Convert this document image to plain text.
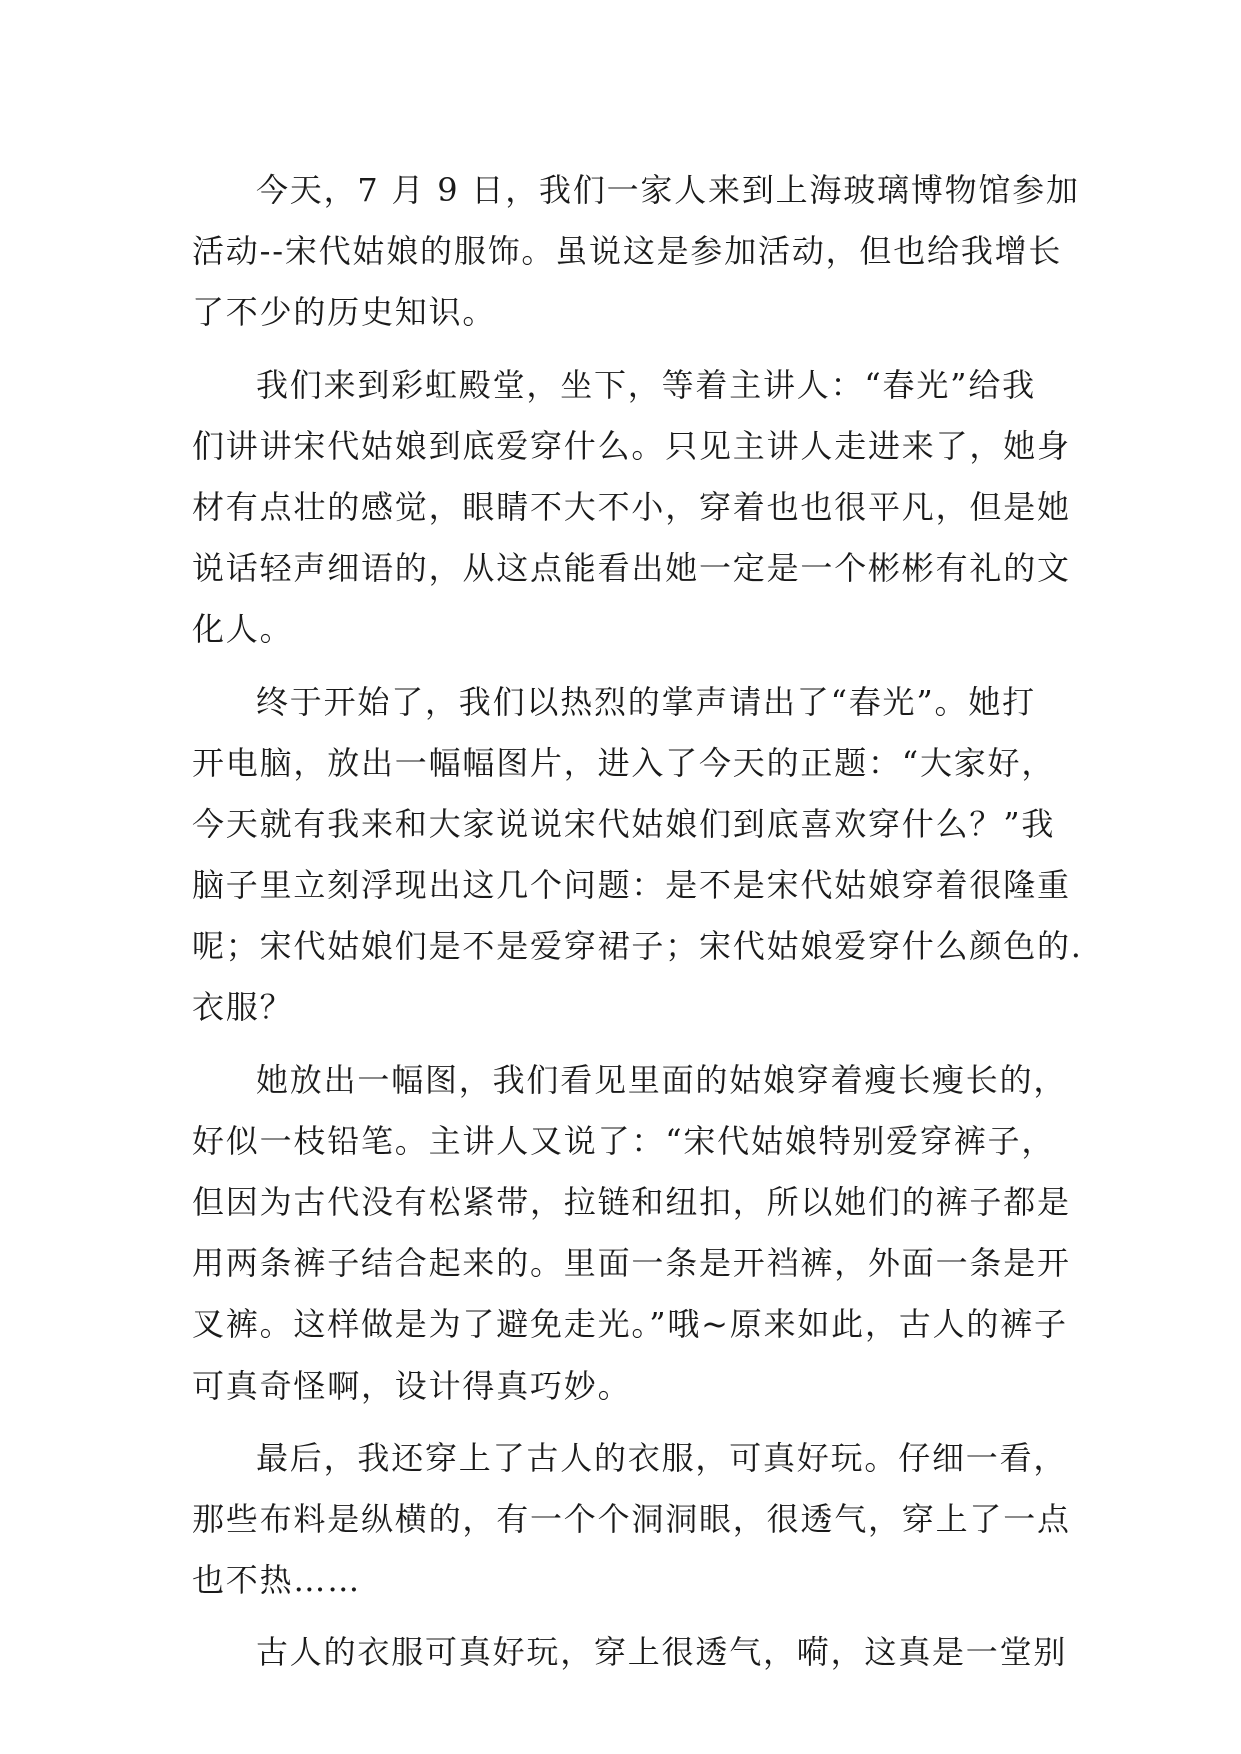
今天，7 月 9 日，我们一家人来到上海玻璃博物馆参加
活动--宋代姑娘的服饰。虽说这是参加活动，但也给我增长
了不少的历史知识。
我们来到彩虹殿堂，坐下，等着主讲人：“春光”给我
们讲讲宋代姑娘到底爱穿什么。只见主讲人走进来了，她身
材有点壮的感觉，眼睛不大不小，穿着也也很平凡，但是她
说话轻声细语的，从这点能看出她一定是一个彬彬有礼的文
化人。
终于开始了，我们以热烈的掌声请出了“春光”。她打
开电脑，放出一幅幅图片，进入了今天的正题：“大家好，
今天就有我来和大家说说宋代姑娘们到底喜欢穿什么？”我
脑子里立刻浮现出这几个问题：是不是宋代姑娘穿着很隆重
呢；宋代姑娘们是不是爱穿裙子；宋代姑娘爱穿什么颜色的.
衣服？
她放出一幅图，我们看见里面的姑娘穿着瘦长瘦长的，
好似一枝铅笔。主讲人又说了：“宋代姑娘特别爱穿裤子，
但因为古代没有松紧带，拉链和纽扣，所以她们的裤子都是
用两条裤子结合起来的。里面一条是开裆裤，外面一条是开
叉裤。这样做是为了避免走光。”哦~原来如此，古人的裤子
可真奇怪啊，设计得真巧妙。
最后，我还穿上了古人的衣服，可真好玩。仔细一看，
那些布料是纵横的，有一个个洞洞眼，很透气，穿上了一点
也不热……
古人的衣服可真好玩，穿上很透气，嗬，这真是一堂别
